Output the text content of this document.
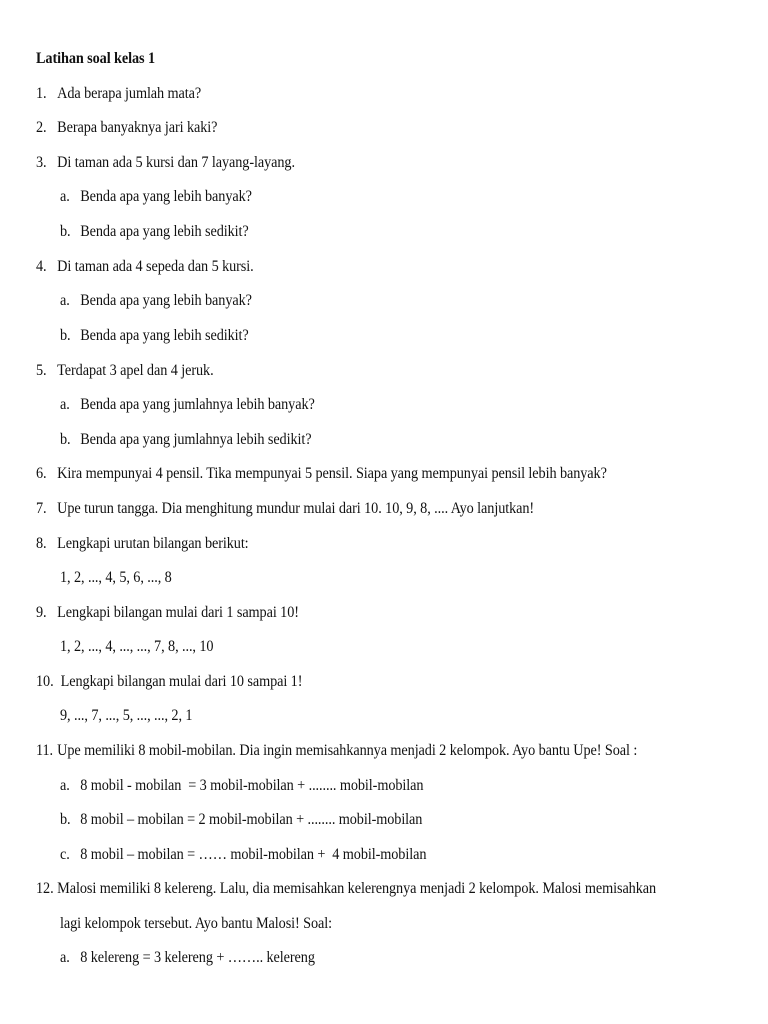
Latihan soal kelas 1
1. Ada berapa jumlah mata?
2. Berapa banyaknya jari kaki?
3. Di taman ada 5 kursi dan 7 layang-layang.
a. Benda apa yang lebih banyak?
b. Benda apa yang lebih sedikit?
4. Di taman ada 4 sepeda dan 5 kursi.
a. Benda apa yang lebih banyak?
b. Benda apa yang lebih sedikit?
5. Terdapat 3 apel dan 4 jeruk.
a. Benda apa yang jumlahnya lebih banyak?
b. Benda apa yang jumlahnya lebih sedikit?
6. Kira mempunyai 4 pensil. Tika mempunyai 5 pensil. Siapa yang mempunyai pensil lebih banyak?
7. Upe turun tangga. Dia menghitung mundur mulai dari 10. 10, 9, 8, .... Ayo lanjutkan!
8. Lengkapi urutan bilangan berikut:
1, 2, ..., 4, 5, 6, ..., 8
9. Lengkapi bilangan mulai dari 1 sampai 10!
1, 2, ..., 4, ..., ..., 7, 8, ..., 10
10. Lengkapi bilangan mulai dari 10 sampai 1!
9, ..., 7, ..., 5, ..., ..., 2, 1
11. Upe memiliki 8 mobil-mobilan. Dia ingin memisahkannya menjadi 2 kelompok. Ayo bantu Upe! Soal :
a. 8 mobil - mobilan  = 3 mobil-mobilan + ........ mobil-mobilan
b. 8 mobil – mobilan = 2 mobil-mobilan + ........ mobil-mobilan
c. 8 mobil – mobilan = …… mobil-mobilan +  4 mobil-mobilan
12. Malosi memiliki 8 kelereng. Lalu, dia memisahkan kelerengnya menjadi 2 kelompok. Malosi memisahkan
lagi kelompok tersebut. Ayo bantu Malosi! Soal:
a. 8 kelereng = 3 kelereng + …….. kelereng
